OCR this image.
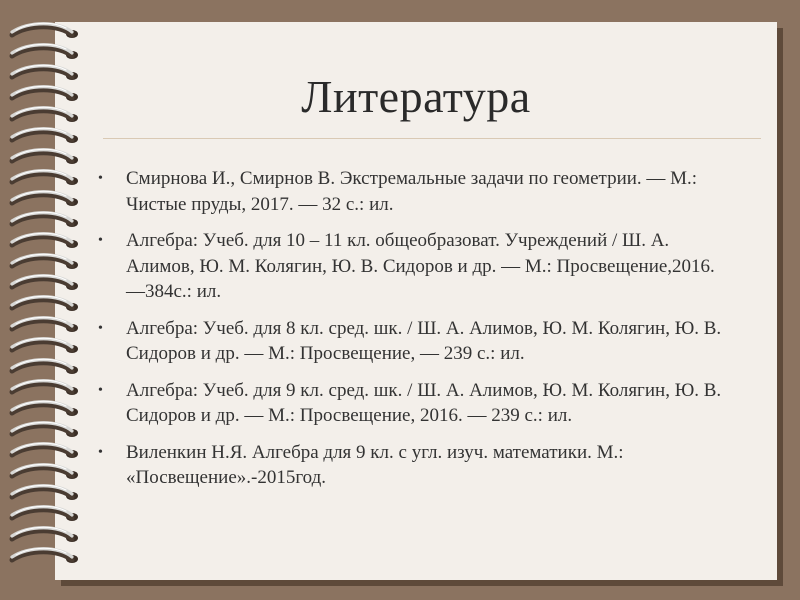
Литература
• Смирнова И., Смирнов В. Экстремальные задачи по геометрии. — М.: Чистые пруды, 2017. — 32 с.: ил.
• Алгебра: Учеб. для 10 – 11 кл. общеобразоват. Учреждений / Ш. А. Алимов, Ю. М. Колягин, Ю. В. Сидоров и др. — М.: Просвещение,2016. —384с.: ил.
• Алгебра: Учеб. для 8 кл. сред. шк. / Ш. А. Алимов, Ю. М. Колягин, Ю. В. Сидоров и др. — М.: Просвещение, — 239 с.: ил.
• Алгебра: Учеб. для 9 кл. сред. шк. / Ш. А. Алимов, Ю. М. Колягин, Ю. В. Сидоров и др. — М.: Просвещение, 2016. — 239 с.: ил.
• Виленкин Н.Я. Алгебра для 9 кл. с угл. изуч. математики. М.: «Посвещение».-2015год.
